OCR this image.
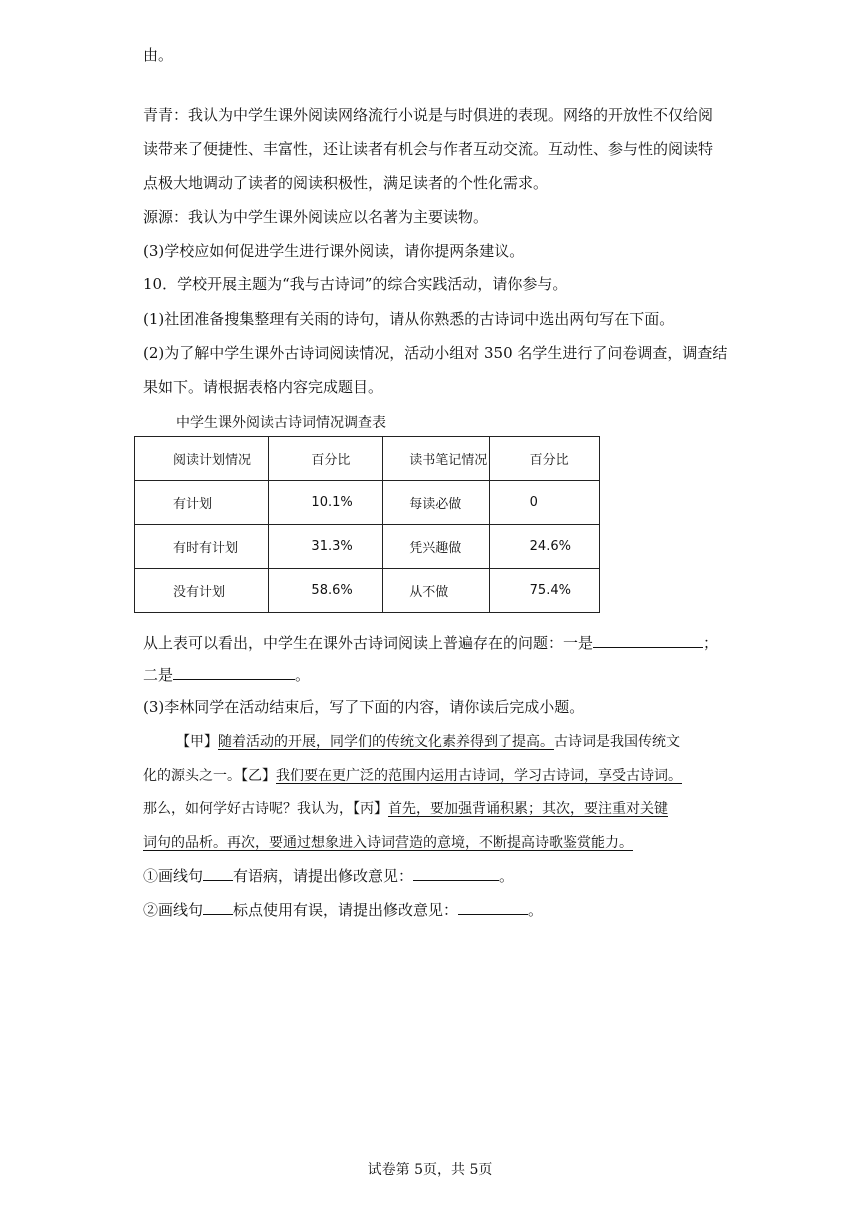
由。
青青：我认为中学生课外阅读网络流行小说是与时俱进的表现。网络的开放性不仅给阅
读带来了便捷性、丰富性，还让读者有机会与作者互动交流。互动性、参与性的阅读特
点极大地调动了读者的阅读积极性，满足读者的个性化需求。
源源：我认为中学生课外阅读应以名著为主要读物。
(3)学校应如何促进学生进行课外阅读，请你提两条建议。
10．学校开展主题为“我与古诗词”的综合实践活动，请你参与。
(1)社团准备搜集整理有关雨的诗句，请从你熟悉的古诗词中选出两句写在下面。
(2)为了解中学生课外古诗词阅读情况，活动小组对 350 名学生进行了问卷调查，调查结
果如下。请根据表格内容完成题目。
中学生课外阅读古诗词情况调查表
阅读计划情况	百分比	读书笔记情况	百分比
有计划	10.1%	每读必做	0
有时有计划	31.3%	凭兴趣做	24.6%
没有计划	58.6%	从不做	75.4%
从上表可以看出，中学生在课外古诗词阅读上普遍存在的问题：一是	；
二是	。
(3)李林同学在活动结束后，写了下面的内容，请你读后完成小题。
【甲】随着活动的开展，同学们的传统文化素养得到了提高。古诗词是我国传统文
化的源头之一。【乙】我们要在更广泛的范围内运用古诗词，学习古诗词，享受古诗词。
那么，如何学好古诗呢？我认为，【丙】首先，要加强背诵积累；其次，要注重对关键
词句的品析。再次，要通过想象进入诗词营造的意境，不断提高诗歌鉴赏能力。
①画线句 有语病，请提出修改意见：	。
②画线句 标点使用有误，请提出修改意见：	。
试卷第 5页，共 5页
